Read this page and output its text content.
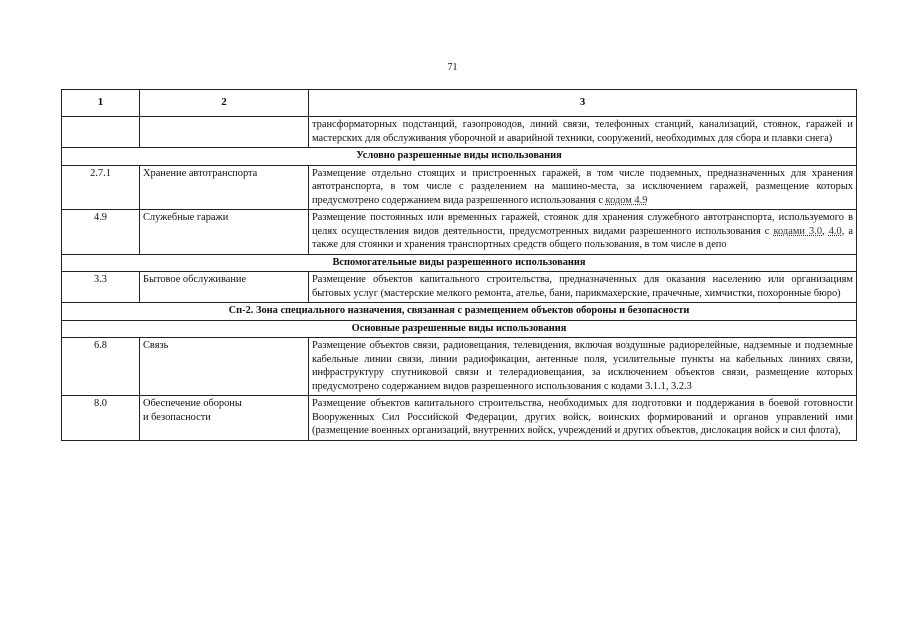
71
1	2	3
		трансформаторных подстанций, газопроводов, линий связи, телефонных станций, канализаций, стоянок, гаражей и мастерских для обслуживания уборочной и аварийной техники, сооружений, необходимых для сбора и плавки снега)
Условно разрешенные виды использования		
2.7.1	Хранение автотранспорта	Размещение отдельно стоящих и пристроенных гаражей, в том числе подземных, предназначенных для хранения автотранспорта, в том числе с разделением на машино-места, за исключением гаражей, размещение которых предусмотрено содержанием вида разрешенного использования с кодом 4.9
4.9	Служебные гаражи	Размещение постоянных или временных гаражей, стоянок для хранения служебного автотранспорта, используемого в целях осуществления видов деятельности, предусмотренных видами разрешенного использования с кодами 3.0, 4.0, а также для стоянки и хранения транспортных средств общего пользования, в том числе в депо
Вспомогательные виды разрешенного использования		
3.3	Бытовое обслуживание	Размещение объектов капитального строительства, предназначенных для оказания населению или организациям бытовых услуг (мастерские мелкого ремонта, ателье, бани, парикмахерские, прачечные, химчистки, похоронные бюро)
Сп-2. Зона специального назначения, связанная с размещением объектов обороны и безопасности		
Основные разрешенные виды использования		
6.8	Связь	Размещение объектов связи, радиовещания, телевидения, включая воздушные радиорелейные, надземные и подземные кабельные линии связи, линии радиофикации, антенные поля, усилительные пункты на кабельных линиях связи, инфраструктуру спутниковой связи и телерадиовещания, за исключением объектов связи, размещение которых предусмотрено содержанием видов разрешенного использования с кодами 3.1.1, 3.2.3
8.0	Обеспечение обороны
и безопасности	Размещение объектов капитального строительства, необходимых для подготовки и поддержания в боевой готовности Вооруженных Сил Российской Федерации, других войск, воинских формирований и органов управлений ими (размещение военных организаций, внутренних войск, учреждений и других объектов, дислокация войск и сил флота),
